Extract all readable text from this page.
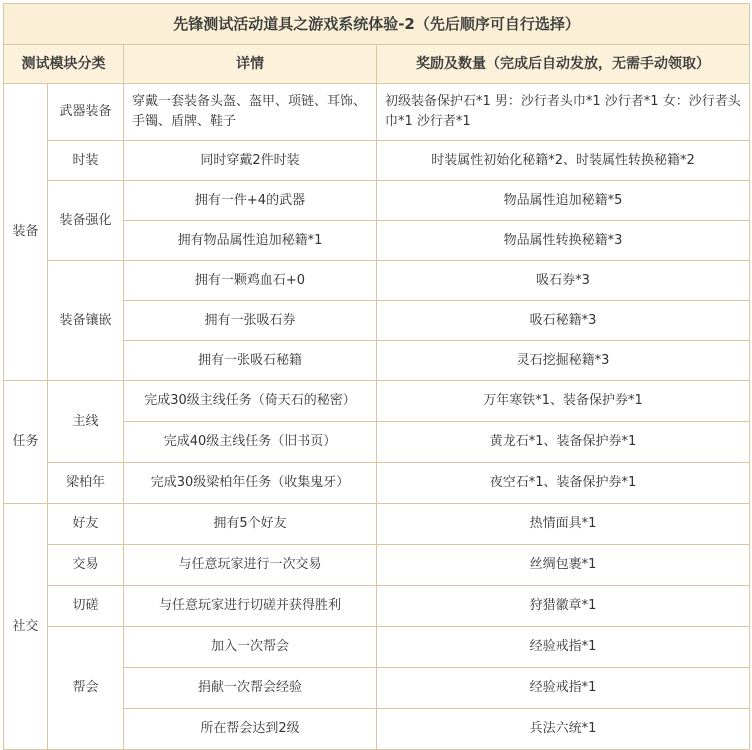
先锋测试活动道具之游戏系统体验-2（先后顺序可自行选择）			
测试模块分类		详情	奖励及数量（完成后自动发放，无需手动领取）
装备	武器装备	穿戴一套装备头盔、盔甲、项链、耳饰、手镯、盾牌、鞋子	初级装备保护石*1 男：沙行者头巾*1 沙行者*1 女：沙行者头巾*1 沙行者*1
	时装	同时穿戴2件时装	时装属性初始化秘籍*2、时装属性转换秘籍*2
	装备强化	拥有一件+4的武器	物品属性追加秘籍*5
		拥有物品属性追加秘籍*1	物品属性转换秘籍*3
	装备镶嵌	拥有一颗鸡血石+0	吸石券*3
		拥有一张吸石券	吸石秘籍*3
		拥有一张吸石秘籍	灵石挖掘秘籍*3
任务	主线	完成30级主线任务（倚天石的秘密）	万年寒铁*1、装备保护券*1
		完成40级主线任务（旧书页）	黄龙石*1、装备保护券*1
	梁柏年	完成30级梁柏年任务（收集鬼牙）	夜空石*1、装备保护券*1
社交	好友	拥有5个好友	热情面具*1
	交易	与任意玩家进行一次交易	丝绸包裹*1
	切磋	与任意玩家进行切磋并获得胜利	狩猎徽章*1
	帮会	加入一次帮会	经验戒指*1
		捐献一次帮会经验	经验戒指*1
		所在帮会达到2级	兵法六统*1
